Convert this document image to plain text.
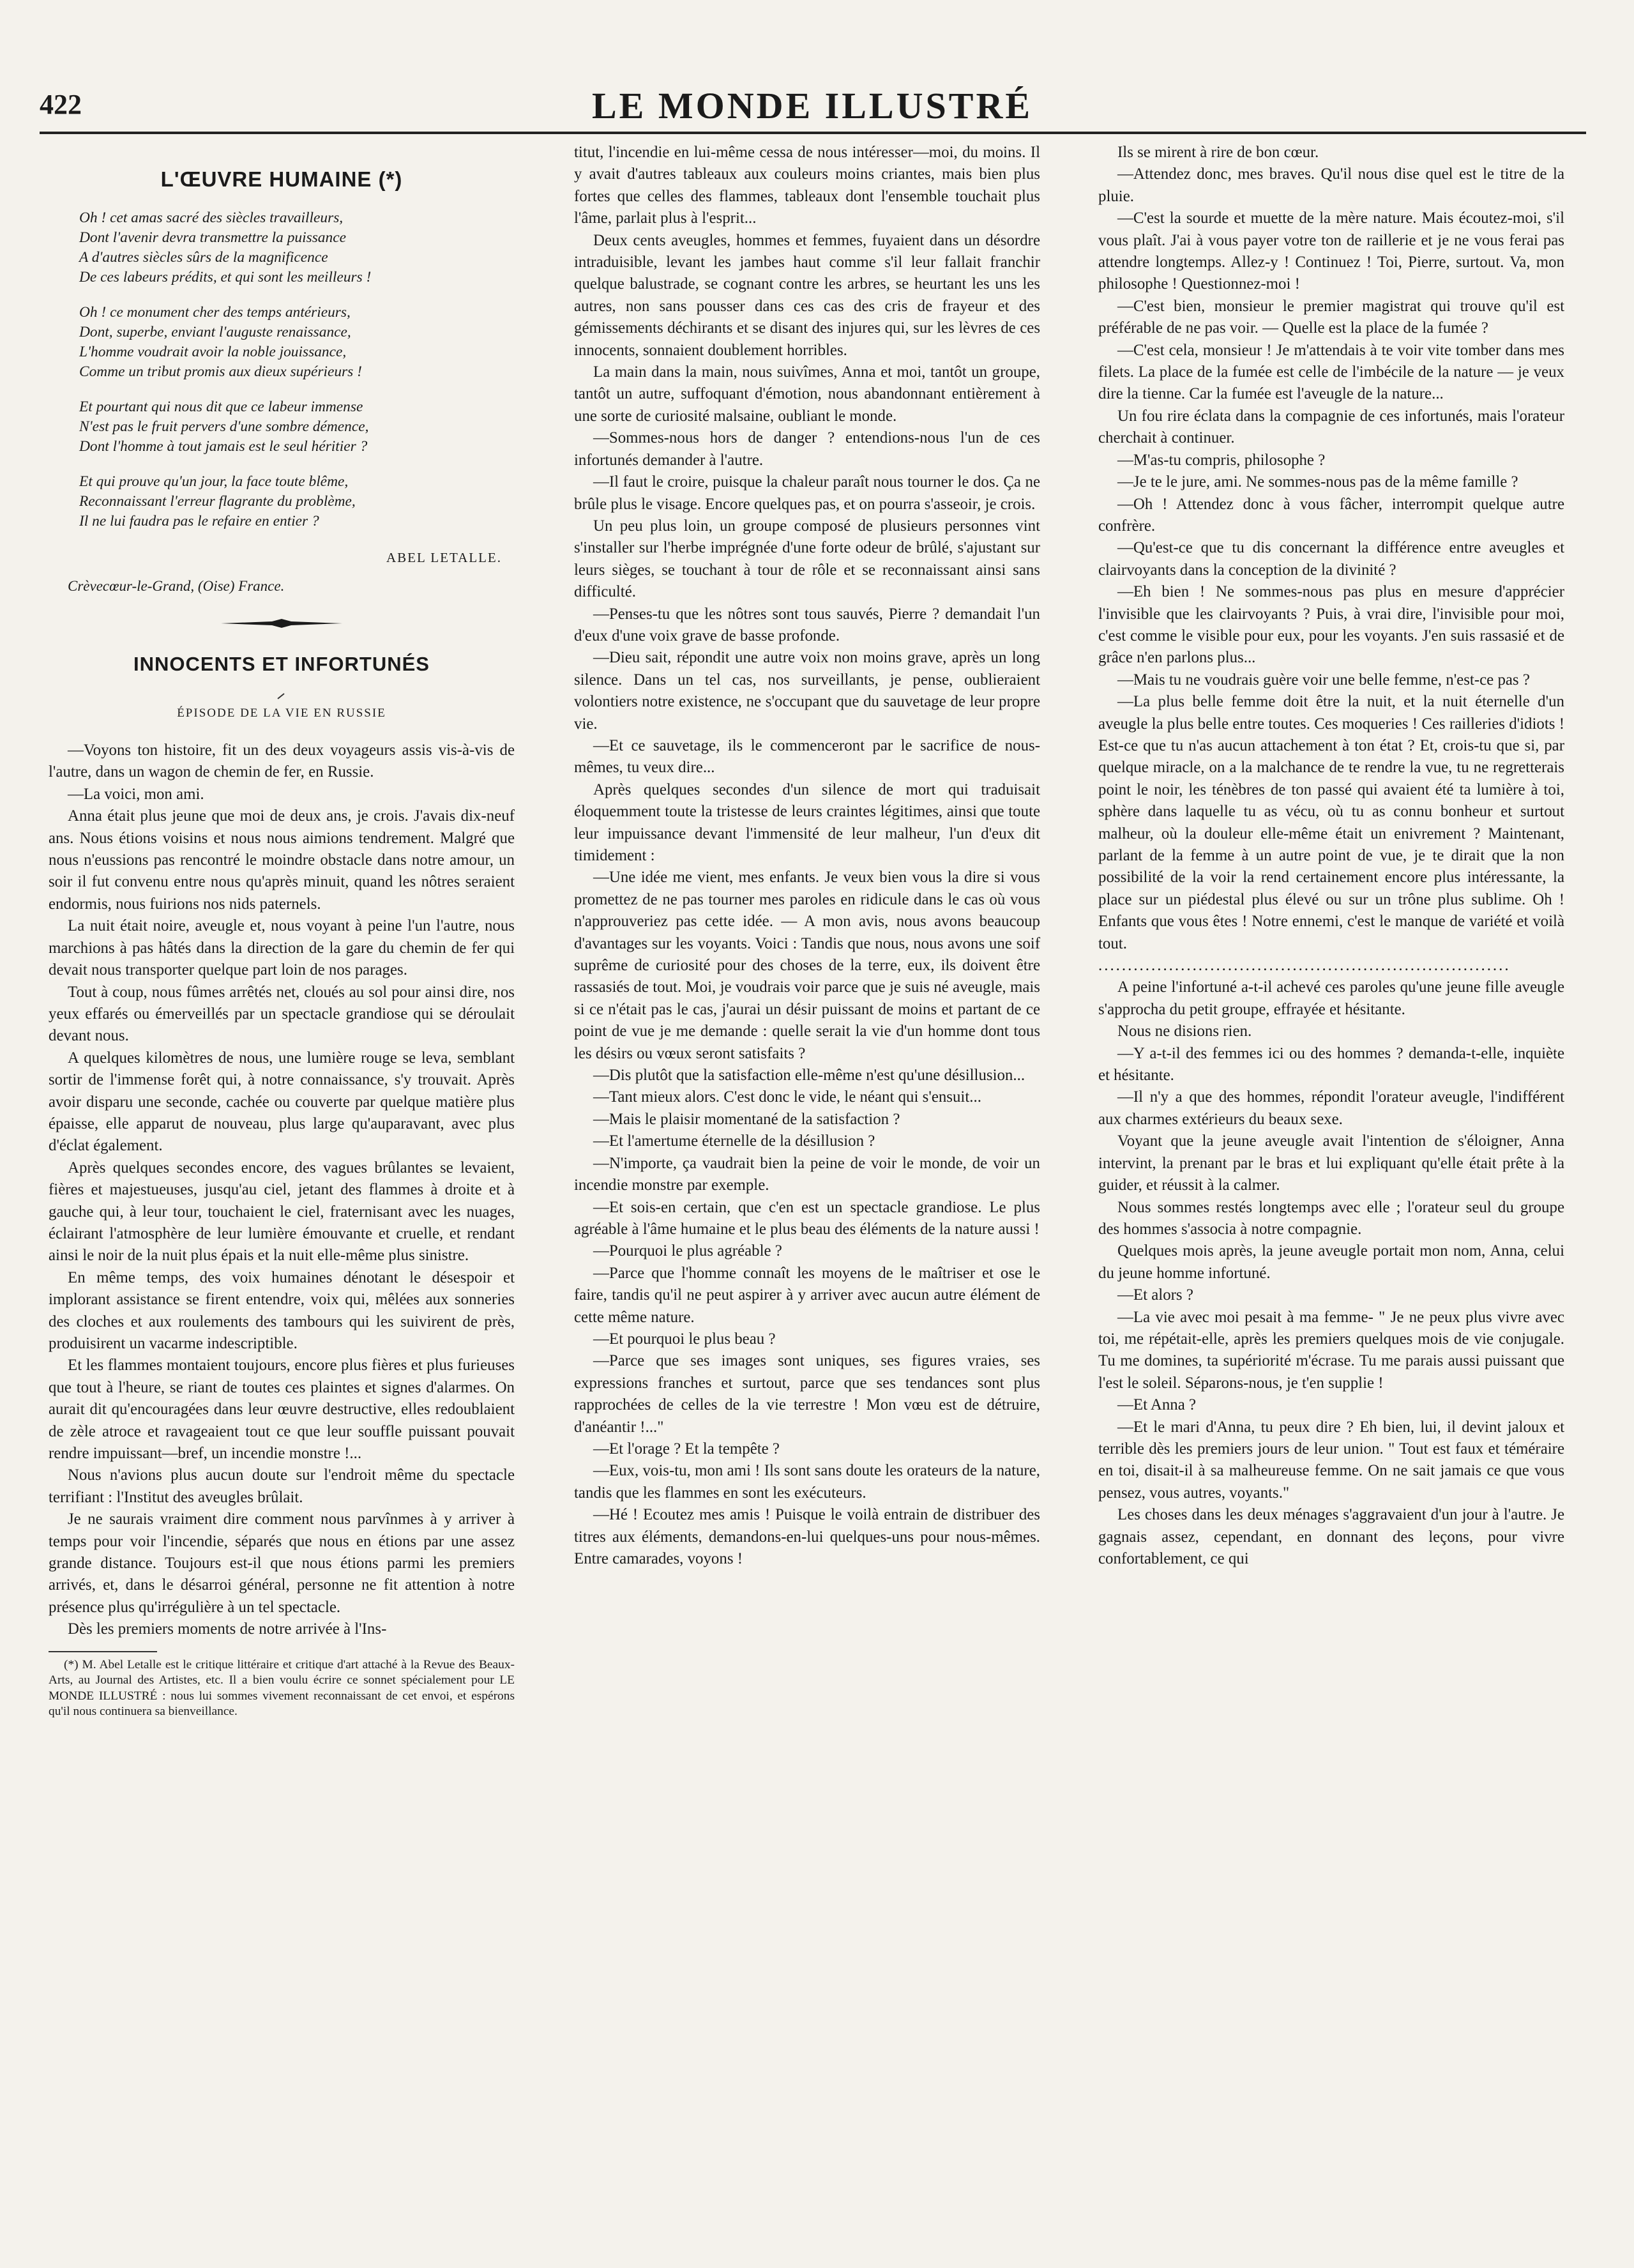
422	LE MONDE ILLUSTRÉ
L'ŒUVRE HUMAINE (*)
Oh ! cet amas sacré des siècles travailleurs,
Dont l'avenir devra transmettre la puissance
A d'autres siècles sûrs de la magnificence
De ces labeurs prédits, et qui sont les meilleurs !
Oh ! ce monument cher des temps antérieurs,
Dont, superbe, enviant l'auguste renaissance,
L'homme voudrait avoir la noble jouissance,
Comme un tribut promis aux dieux supérieurs !
Et pourtant qui nous dit que ce labeur immense
N'est pas le fruit pervers d'une sombre démence,
Dont l'homme à tout jamais est le seul héritier ?
Et qui prouve qu'un jour, la face toute blême,
Reconnaissant l'erreur flagrante du problème,
Il ne lui faudra pas le refaire en entier ?
ABEL LETALLE.
Crèvecœur-le-Grand, (Oise) France.
INNOCENTS ET INFORTUNÉS
ÉPISODE DE LA VIE EN RUSSIE

—Voyons ton histoire, fit un des deux voyageurs assis vis-à-vis de l'autre, dans un wagon de chemin de fer, en Russie.

—La voici, mon ami.

Anna était plus jeune que moi de deux ans, je crois. J'avais dix-neuf ans. Nous étions voisins et nous nous aimions tendrement. Malgré que nous n'eussions pas rencontré le moindre obstacle dans notre amour, un soir il fut convenu entre nous qu'après minuit, quand les nôtres seraient endormis, nous fuirions nos nids paternels.

La nuit était noire, aveugle et, nous voyant à peine l'un l'autre, nous marchions à pas hâtés dans la direction de la gare du chemin de fer qui devait nous transporter quelque part loin de nos parages.

Tout à coup, nous fûmes arrêtés net, cloués au sol pour ainsi dire, nos yeux effarés ou émerveillés par un spectacle grandiose qui se déroulait devant nous.

A quelques kilomètres de nous, une lumière rouge se leva, semblant sortir de l'immense forêt qui, à notre connaissance, s'y trouvait. Après avoir disparu une seconde, cachée ou couverte par quelque matière plus épaisse, elle apparut de nouveau, plus large qu'auparavant, avec plus d'éclat également.

Après quelques secondes encore, des vagues brûlantes se levaient, fières et majestueuses, jusqu'au ciel, jetant des flammes à droite et à gauche qui, à leur tour, touchaient le ciel, fraternisant avec les nuages, éclairant l'atmosphère de leur lumière émouvante et cruelle, et rendant ainsi le noir de la nuit plus épais et la nuit elle-même plus sinistre.

En même temps, des voix humaines dénotant le désespoir et implorant assistance se firent entendre, voix qui, mêlées aux sonneries des cloches et aux roulements des tambours qui les suivirent de près, produisirent un vacarme indescriptible.

Et les flammes montaient toujours, encore plus fières et plus furieuses que tout à l'heure, se riant de toutes ces plaintes et signes d'alarmes. On aurait dit qu'encouragées dans leur œuvre destructive, elles redoublaient de zèle atroce et ravageaient tout ce que leur souffle puissant pouvait rendre impuissant—bref, un incendie monstre !...

Nous n'avions plus aucun doute sur l'endroit même du spectacle terrifiant : l'Institut des aveugles brûlait.

Je ne saurais vraiment dire comment nous parvînmes à y arriver à temps pour voir l'incendie, séparés que nous en étions par une assez grande distance. Toujours est-il que nous étions parmi les premiers arrivés, et, dans le désarroi général, personne ne fit attention à notre présence plus qu'irrégulière à un tel spectacle.

Dès les premiers moments de notre arrivée à l'Ins-

(*) M. Abel Letalle est le critique littéraire et critique d'art attaché à la Revue des Beaux-Arts, au Journal des Artistes, etc. Il a bien voulu écrire ce sonnet spécialement pour LE MONDE ILLUSTRÉ : nous lui sommes vivement reconnaissant de cet envoi, et espérons qu'il nous continuera sa bienveillance.

titut, l'incendie en lui-même cessa de nous intéresser—moi, du moins. Il y avait d'autres tableaux aux couleurs moins criantes, mais bien plus fortes que celles des flammes, tableaux dont l'ensemble touchait plus l'âme, parlait plus à l'esprit...

Deux cents aveugles, hommes et femmes, fuyaient dans un désordre intraduisible, levant les jambes haut comme s'il leur fallait franchir quelque balustrade, se cognant contre les arbres, se heurtant les uns les autres, non sans pousser dans ces cas des cris de frayeur et des gémissements déchirants et se disant des injures qui, sur les lèvres de ces innocents, sonnaient doublement horribles.

La main dans la main, nous suivîmes, Anna et moi, tantôt un groupe, tantôt un autre, suffoquant d'émotion, nous abandonnant entièrement à une sorte de curiosité malsaine, oubliant le monde.

—Sommes-nous hors de danger ? entendions-nous l'un de ces infortunés demander à l'autre.

—Il faut le croire, puisque la chaleur paraît nous tourner le dos. Ça ne brûle plus le visage. Encore quelques pas, et on pourra s'asseoir, je crois.

Un peu plus loin, un groupe composé de plusieurs personnes vint s'installer sur l'herbe imprégnée d'une forte odeur de brûlé, s'ajustant sur leurs sièges, se touchant à tour de rôle et se reconnaissant ainsi sans difficulté.

—Penses-tu que les nôtres sont tous sauvés, Pierre ? demandait l'un d'eux d'une voix grave de basse profonde.

—Dieu sait, répondit une autre voix non moins grave, après un long silence. Dans un tel cas, nos surveillants, je pense, oublieraient volontiers notre existence, ne s'occupant que du sauvetage de leur propre vie.

—Et ce sauvetage, ils le commenceront par le sacrifice de nous-mêmes, tu veux dire...

Après quelques secondes d'un silence de mort qui traduisait éloquemment toute la tristesse de leurs craintes légitimes, ainsi que toute leur impuissance devant l'immensité de leur malheur, l'un d'eux dit timidement :

—Une idée me vient, mes enfants. Je veux bien vous la dire si vous promettez de ne pas tourner mes paroles en ridicule dans le cas où vous n'approuveriez pas cette idée. — A mon avis, nous avons beaucoup d'avantages sur les voyants. Voici : Tandis que nous, nous avons une soif suprême de curiosité pour des choses de la terre, eux, ils doivent être rassasiés de tout. Moi, je voudrais voir parce que je suis né aveugle, mais si ce n'était pas le cas, j'aurai un désir puissant de moins et partant de ce point de vue je me demande : quelle serait la vie d'un homme dont tous les désirs ou vœux seront satisfaits ?

—Dis plutôt que la satisfaction elle-même n'est qu'une désillusion...

—Tant mieux alors. C'est donc le vide, le néant qui s'ensuit...

—Mais le plaisir momentané de la satisfaction ?

—Et l'amertume éternelle de la désillusion ?

—N'importe, ça vaudrait bien la peine de voir le monde, de voir un incendie monstre par exemple.

—Et sois-en certain, que c'en est un spectacle grandiose. Le plus agréable à l'âme humaine et le plus beau des éléments de la nature aussi !

—Pourquoi le plus agréable ?

—Parce que l'homme connaît les moyens de le maîtriser et ose le faire, tandis qu'il ne peut aspirer à y arriver avec aucun autre élément de cette même nature.

—Et pourquoi le plus beau ?

—Parce que ses images sont uniques, ses figures vraies, ses expressions franches et surtout, parce que ses tendances sont plus rapprochées de celles de la vie terrestre ! Mon vœu est de détruire, d'anéantir !..."

—Et l'orage ? Et la tempête ?

—Eux, vois-tu, mon ami ! Ils sont sans doute les orateurs de la nature, tandis que les flammes en sont les exécuteurs.

—Hé ! Ecoutez mes amis ! Puisque le voilà entrain de distribuer des titres aux éléments, demandons-en-lui quelques-uns pour nous-mêmes. Entre camarades, voyons !

Ils se mirent à rire de bon cœur.

—Attendez donc, mes braves. Qu'il nous dise quel est le titre de la pluie.

—C'est la sourde et muette de la mère nature. Mais écoutez-moi, s'il vous plaît. J'ai à vous payer votre ton de raillerie et je ne vous ferai pas attendre longtemps. Allez-y ! Continuez ! Toi, Pierre, surtout. Va, mon philosophe ! Questionnez-moi !

—C'est bien, monsieur le premier magistrat qui trouve qu'il est préférable de ne pas voir. — Quelle est la place de la fumée ?

—C'est cela, monsieur ! Je m'attendais à te voir vite tomber dans mes filets. La place de la fumée est celle de l'imbécile de la nature — je veux dire la tienne. Car la fumée est l'aveugle de la nature...

Un fou rire éclata dans la compagnie de ces infortunés, mais l'orateur cherchait à continuer.

—M'as-tu compris, philosophe ?

—Je te le jure, ami. Ne sommes-nous pas de la même famille ?

—Oh ! Attendez donc à vous fâcher, interrompit quelque autre confrère.

—Qu'est-ce que tu dis concernant la différence entre aveugles et clairvoyants dans la conception de la divinité ?

—Eh bien ! Ne sommes-nous pas plus en mesure d'apprécier l'invisible que les clairvoyants ? Puis, à vrai dire, l'invisible pour moi, c'est comme le visible pour eux, pour les voyants. J'en suis rassasié et de grâce n'en parlons plus...

—Mais tu ne voudrais guère voir une belle femme, n'est-ce pas ?

—La plus belle femme doit être la nuit, et la nuit éternelle d'un aveugle la plus belle entre toutes. Ces moqueries ! Ces railleries d'idiots ! Est-ce que tu n'as aucun attachement à ton état ? Et, crois-tu que si, par quelque miracle, on a la malchance de te rendre la vue, tu ne regretterais point le noir, les ténèbres de ton passé qui avaient été ta lumière à toi, sphère dans laquelle tu as vécu, où tu as connu bonheur et surtout malheur, où la douleur elle-même était un enivrement ? Maintenant, parlant de la femme à un autre point de vue, je te dirait que la non possibilité de la voir la rend certainement encore plus intéressante, la place sur un piédestal plus élevé ou sur un trône plus sublime. Oh ! Enfants que vous êtes ! Notre ennemi, c'est le manque de variété et voilà tout.

......................................................................

A peine l'infortuné a-t-il achevé ces paroles qu'une jeune fille aveugle s'approcha du petit groupe, effrayée et hésitante.

Nous ne disions rien.

—Y a-t-il des femmes ici ou des hommes ? demanda-t-elle, inquiète et hésitante.

—Il n'y a que des hommes, répondit l'orateur aveugle, l'indifférent aux charmes extérieurs du beaux sexe.

Voyant que la jeune aveugle avait l'intention de s'éloigner, Anna intervint, la prenant par le bras et lui expliquant qu'elle était prête à la guider, et réussit à la calmer.

Nous sommes restés longtemps avec elle ; l'orateur seul du groupe des hommes s'associa à notre compagnie.

Quelques mois après, la jeune aveugle portait mon nom, Anna, celui du jeune homme infortuné.

—Et alors ?

—La vie avec moi pesait à ma femme- " Je ne peux plus vivre avec toi, me répétait-elle, après les premiers quelques mois de vie conjugale. Tu me domines, ta supériorité m'écrase. Tu me parais aussi puissant que l'est le soleil. Séparons-nous, je t'en supplie !

—Et Anna ?

—Et le mari d'Anna, tu peux dire ? Eh bien, lui, il devint jaloux et terrible dès les premiers jours de leur union. " Tout est faux et téméraire en toi, disait-il à sa malheureuse femme. On ne sait jamais ce que vous pensez, vous autres, voyants."

Les choses dans les deux ménages s'aggravaient d'un jour à l'autre. Je gagnais assez, cependant, en donnant des leçons, pour vivre confortablement, ce qui
